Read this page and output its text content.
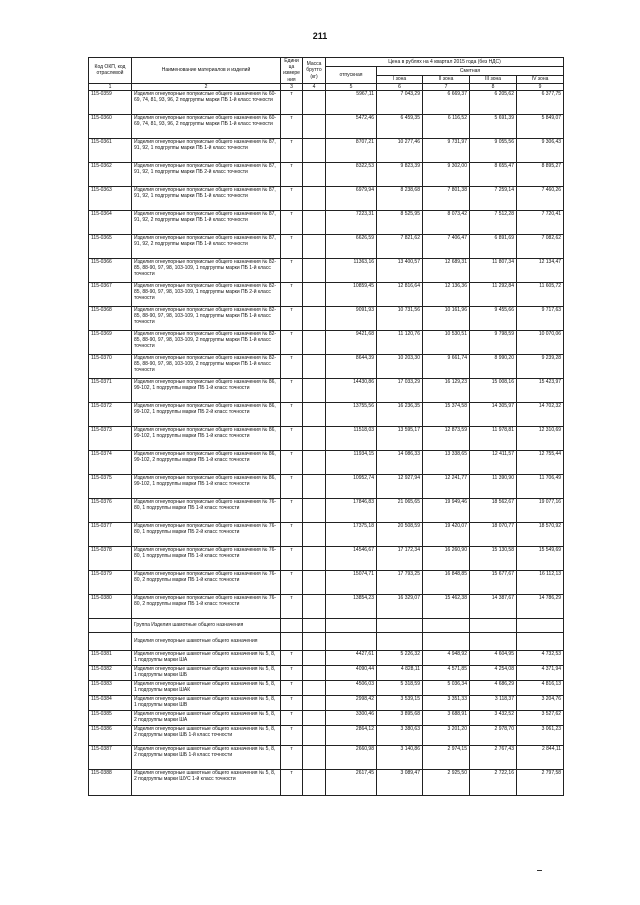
211
Код ОКП, код отраслевой	Наименование материалов и изделий	Едини ца измере ния	Масса брутто (кг)	Цена в рублях на 4 квартал 2015 года (без НДС)				
				отпускная	Сметная			
					I зона	II зона	III зона	IV зона
1	2	3	4	5	6	7	8	9
115-0359	Изделия огнеупорные полукислые общего назначения № 60-69, 74, 81, 93, 96, 2 подгруппы марки ПБ 1-й класс точности	т		5967,11	7 043,29	6 669,37	6 205,62	6 377,75
115-0360	Изделия огнеупорные полукислые общего назначения № 60-69, 74, 81, 93, 96, 2 подгруппы марки ПБ 1-й класс точности	т		5472,46	6 459,35	6 116,52	5 691,39	5 849,07
115-0361	Изделия огнеупорные полукислые общего назначения № 87, 91, 92, 1 подгруппы марки ПБ 1-й класс точности	т		8707,21	10 277,46	9 731,97	9 055,56	9 306,43
115-0362	Изделия огнеупорные полукислые общего назначения № 87, 91, 92, 1 подгруппы марки ПБ 2-й класс точности	т		8322,53	9 823,39	9 302,00	8 655,47	8 895,27
115-0363	Изделия огнеупорные полукислые общего назначения № 87, 91, 92, 1 подгруппы марки ПБ 1-й класс точности	т		6979,94	8 238,68	7 801,38	7 259,14	7 460,26
115-0364	Изделия огнеупорные полукислые общего назначения № 87, 91, 92, 2 подгруппы марки ПБ 1-й класс точности	т		7223,31	8 525,95	8 073,42	7 512,28	7 720,41
115-0365	Изделия огнеупорные полукислые общего назначения № 87, 91, 92, 2 подгруппы марки ПБ 1-й класс точности	т		6626,59	7 821,62	7 406,47	6 891,69	7 082,62
115-0366	Изделия огнеупорные полукислые общего назначения № 82-85, 88-90, 97, 98, 103-109, 1 подгруппы марки ПБ 1-й класс точности	т		11363,16	13 400,57	12 689,31	11 807,34	12 134,47
115-0367	Изделия огнеупорные полукислые общего назначения № 82-85, 88-90, 97, 98, 103-109, 1 подгруппы марки ПБ 2-й класс точности	т		10859,45	12 816,64	12 136,36	11 292,84	11 605,72
115-0368	Изделия огнеупорные полукислые общего назначения № 82-85, 88-90, 97, 98, 103-109, 1 подгруппы марки ПБ 1-й класс точности	т		9091,93	10 731,56	10 161,96	9 455,66	9 717,63
115-0369	Изделия огнеупорные полукислые общего назначения № 82-85, 88-90, 97, 98, 103-109, 2 подгруппы марки ПБ 1-й класс точности	т		9421,68	11 120,76	10 530,51	9 798,59	10 070,06
115-0370	Изделия огнеупорные полукислые общего назначения № 82-85, 88-90, 97, 98, 103-109, 2 подгруппы марки ПБ 1-й класс точности	т		8644,39	10 203,30	9 661,74	8 990,20	9 239,28
115-0371	Изделия огнеупорные полукислые общего назначения № 86, 99-102, 1 подгруппы марки ПБ 1-й класс точности	т		14430,86	17 033,29	16 129,23	15 008,16	15 423,97
115-0372	Изделия огнеупорные полукислые общего назначения № 86, 99-102, 1 подгруппы марки ПБ 2-й класс точности	т		13755,56	16 236,35	15 374,58	14 305,97	14 702,32
115-0373	Изделия огнеупорные полукислые общего назначения № 86, 99-102, 1 подгруппы марки ПБ 1-й класс точности	т		11518,03	13 595,17	12 873,59	11 978,81	12 310,69
115-0374	Изделия огнеупорные полукислые общего назначения № 86, 99-102, 2 подгруппы марки ПБ 1-й класс точности	т		11934,15	14 086,33	13 338,65	12 411,57	12 755,44
115-0375	Изделия огнеупорные полукислые общего назначения № 86, 99-102, 1 подгруппы марки ПБ 1-й класс точности	т		10952,74	12 927,94	12 241,77	11 390,90	11 706,49
115-0376	Изделия огнеупорные полукислые общего назначения № 76-80, 1 подгруппы марки ПБ 1-й класс точности	т		17846,83	21 065,65	19 949,46	18 562,67	19 077,16
115-0377	Изделия огнеупорные полукислые общего назначения № 76-80, 1 подгруппы марки ПБ 2-й класс точности	т		17375,18	20 508,59	19 420,07	18 070,77	18 570,92
115-0378	Изделия огнеупорные полукислые общего назначения № 76-80, 1 подгруппы марки ПБ 1-й класс точности	т		14546,67	17 172,34	16 260,90	15 130,58	15 549,69
115-0379	Изделия огнеупорные полукислые общего назначения № 76-80, 2 подгруппы марки ПБ 1-й класс точности	т		15074,71	17 793,25	16 848,85	15 677,67	16 112,13
115-0380	Изделия огнеупорные полукислые общего назначения № 76-80, 2 подгруппы марки ПБ 1-й класс точности	т		13854,23	16 329,07	15 462,38	14 387,67	14 786,29
	Группа Изделия шамотные общего назначения							
	Изделия огнеупорные шамотные общего назначения							
115-0381	Изделия огнеупорные шамотные общего назначения № 5, 8, 1 подгруппы марки ША	т		4427,61	5 226,32	4 948,92	4 604,95	4 732,53
115-0382	Изделия огнеупорные шамотные общего назначения № 5, 8, 1 подгруппы марки ШБ	т		4090,44	4 828,11	4 571,85	4 254,08	4 371,94
115-0383	Изделия огнеупорные шамотные общего назначения № 5, 8, 1 подгруппы марки ШАК	т		4506,03	5 318,59	5 036,34	4 686,29	4 816,13
115-0384	Изделия огнеупорные шамотные общего назначения № 5, 8, 1 подгруппы марки ШВ	т		2998,42	3 539,15	3 351,33	3 118,37	3 204,76
115-0385	Изделия огнеупорные шамотные общего назначения № 5, 8, 2 подгруппы марки ША	т		3300,46	3 895,68	3 688,91	3 432,52	3 527,62
115-0386	Изделия огнеупорные шамотные общего назначения № 5, 8, 2 подгруппы марки ШБ 1-й класс точности	т		2864,12	3 380,63	3 201,20	2 978,70	3 061,23
115-0387	Изделия огнеупорные шамотные общего назначения № 5, 8, 2 подгруппы марки ШБ 1-й класс точности	т		2660,98	3 140,86	2 974,15	2 767,43	2 844,11
115-0388	Изделия огнеупорные шамотные общего назначения № 5, 8, 2 подгруппы марки ШУС 1-й класс точности	т		2617,45	3 089,47	2 925,50	2 722,16	2 797,58
